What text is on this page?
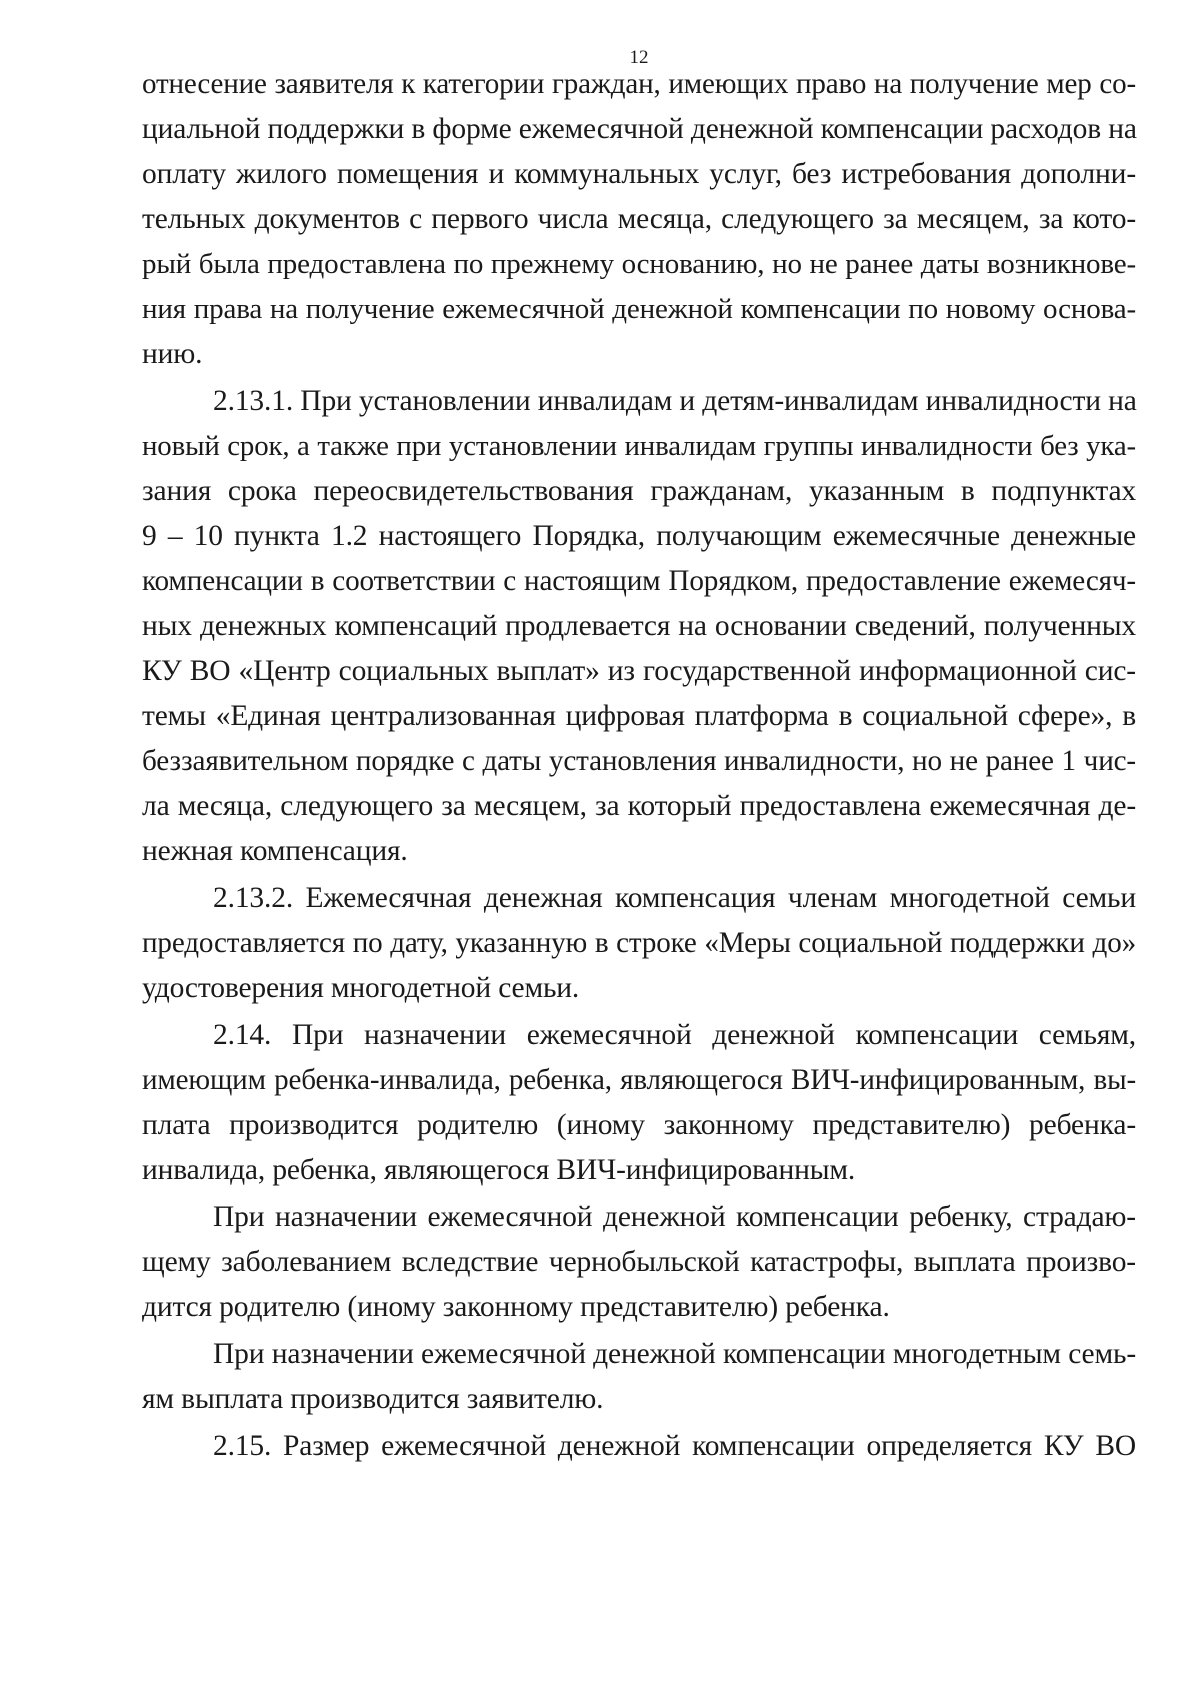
12
отнесение заявителя к категории граждан, имеющих право на получение мер со-
циальной поддержки в форме ежемесячной денежной компенсации расходов на
оплату жилого помещения и коммунальных услуг, без истребования дополни-
тельных документов с первого числа месяца, следующего за месяцем, за кото-
рый была предоставлена по прежнему основанию, но не ранее даты возникнове-
ния права на получение ежемесячной денежной компенсации по новому основа-
нию.
2.13.1. При установлении инвалидам и детям-инвалидам инвалидности на
новый срок, а также при установлении инвалидам группы инвалидности без ука-
зания срока переосвидетельствования гражданам, указанным в подпунктах
9 – 10 пункта 1.2 настоящего Порядка, получающим ежемесячные денежные
компенсации в соответствии с настоящим Порядком, предоставление ежемесяч-
ных денежных компенсаций продлевается на основании сведений, полученных
КУ ВО «Центр социальных выплат» из государственной информационной сис-
темы «Единая централизованная цифровая платформа в социальной сфере», в
беззаявительном порядке с даты установления инвалидности, но не ранее 1 чис-
ла месяца, следующего за месяцем, за который предоставлена ежемесячная де-
нежная компенсация.
2.13.2. Ежемесячная денежная компенсация членам многодетной семьи
предоставляется по дату, указанную в строке «Меры социальной поддержки до»
удостоверения многодетной семьи.
2.14. При назначении ежемесячной денежной компенсации семьям,
имеющим ребенка-инвалида, ребенка, являющегося ВИЧ-инфицированным, вы-
плата производится родителю (иному законному представителю) ребенка-
инвалида, ребенка, являющегося ВИЧ-инфицированным.
При назначении ежемесячной денежной компенсации ребенку, страдаю-
щему заболеванием вследствие чернобыльской катастрофы, выплата произво-
дится родителю (иному законному представителю) ребенка.
При назначении ежемесячной денежной компенсации многодетным семь-
ям выплата производится заявителю.
2.15. Размер ежемесячной денежной компенсации определяется КУ ВО
